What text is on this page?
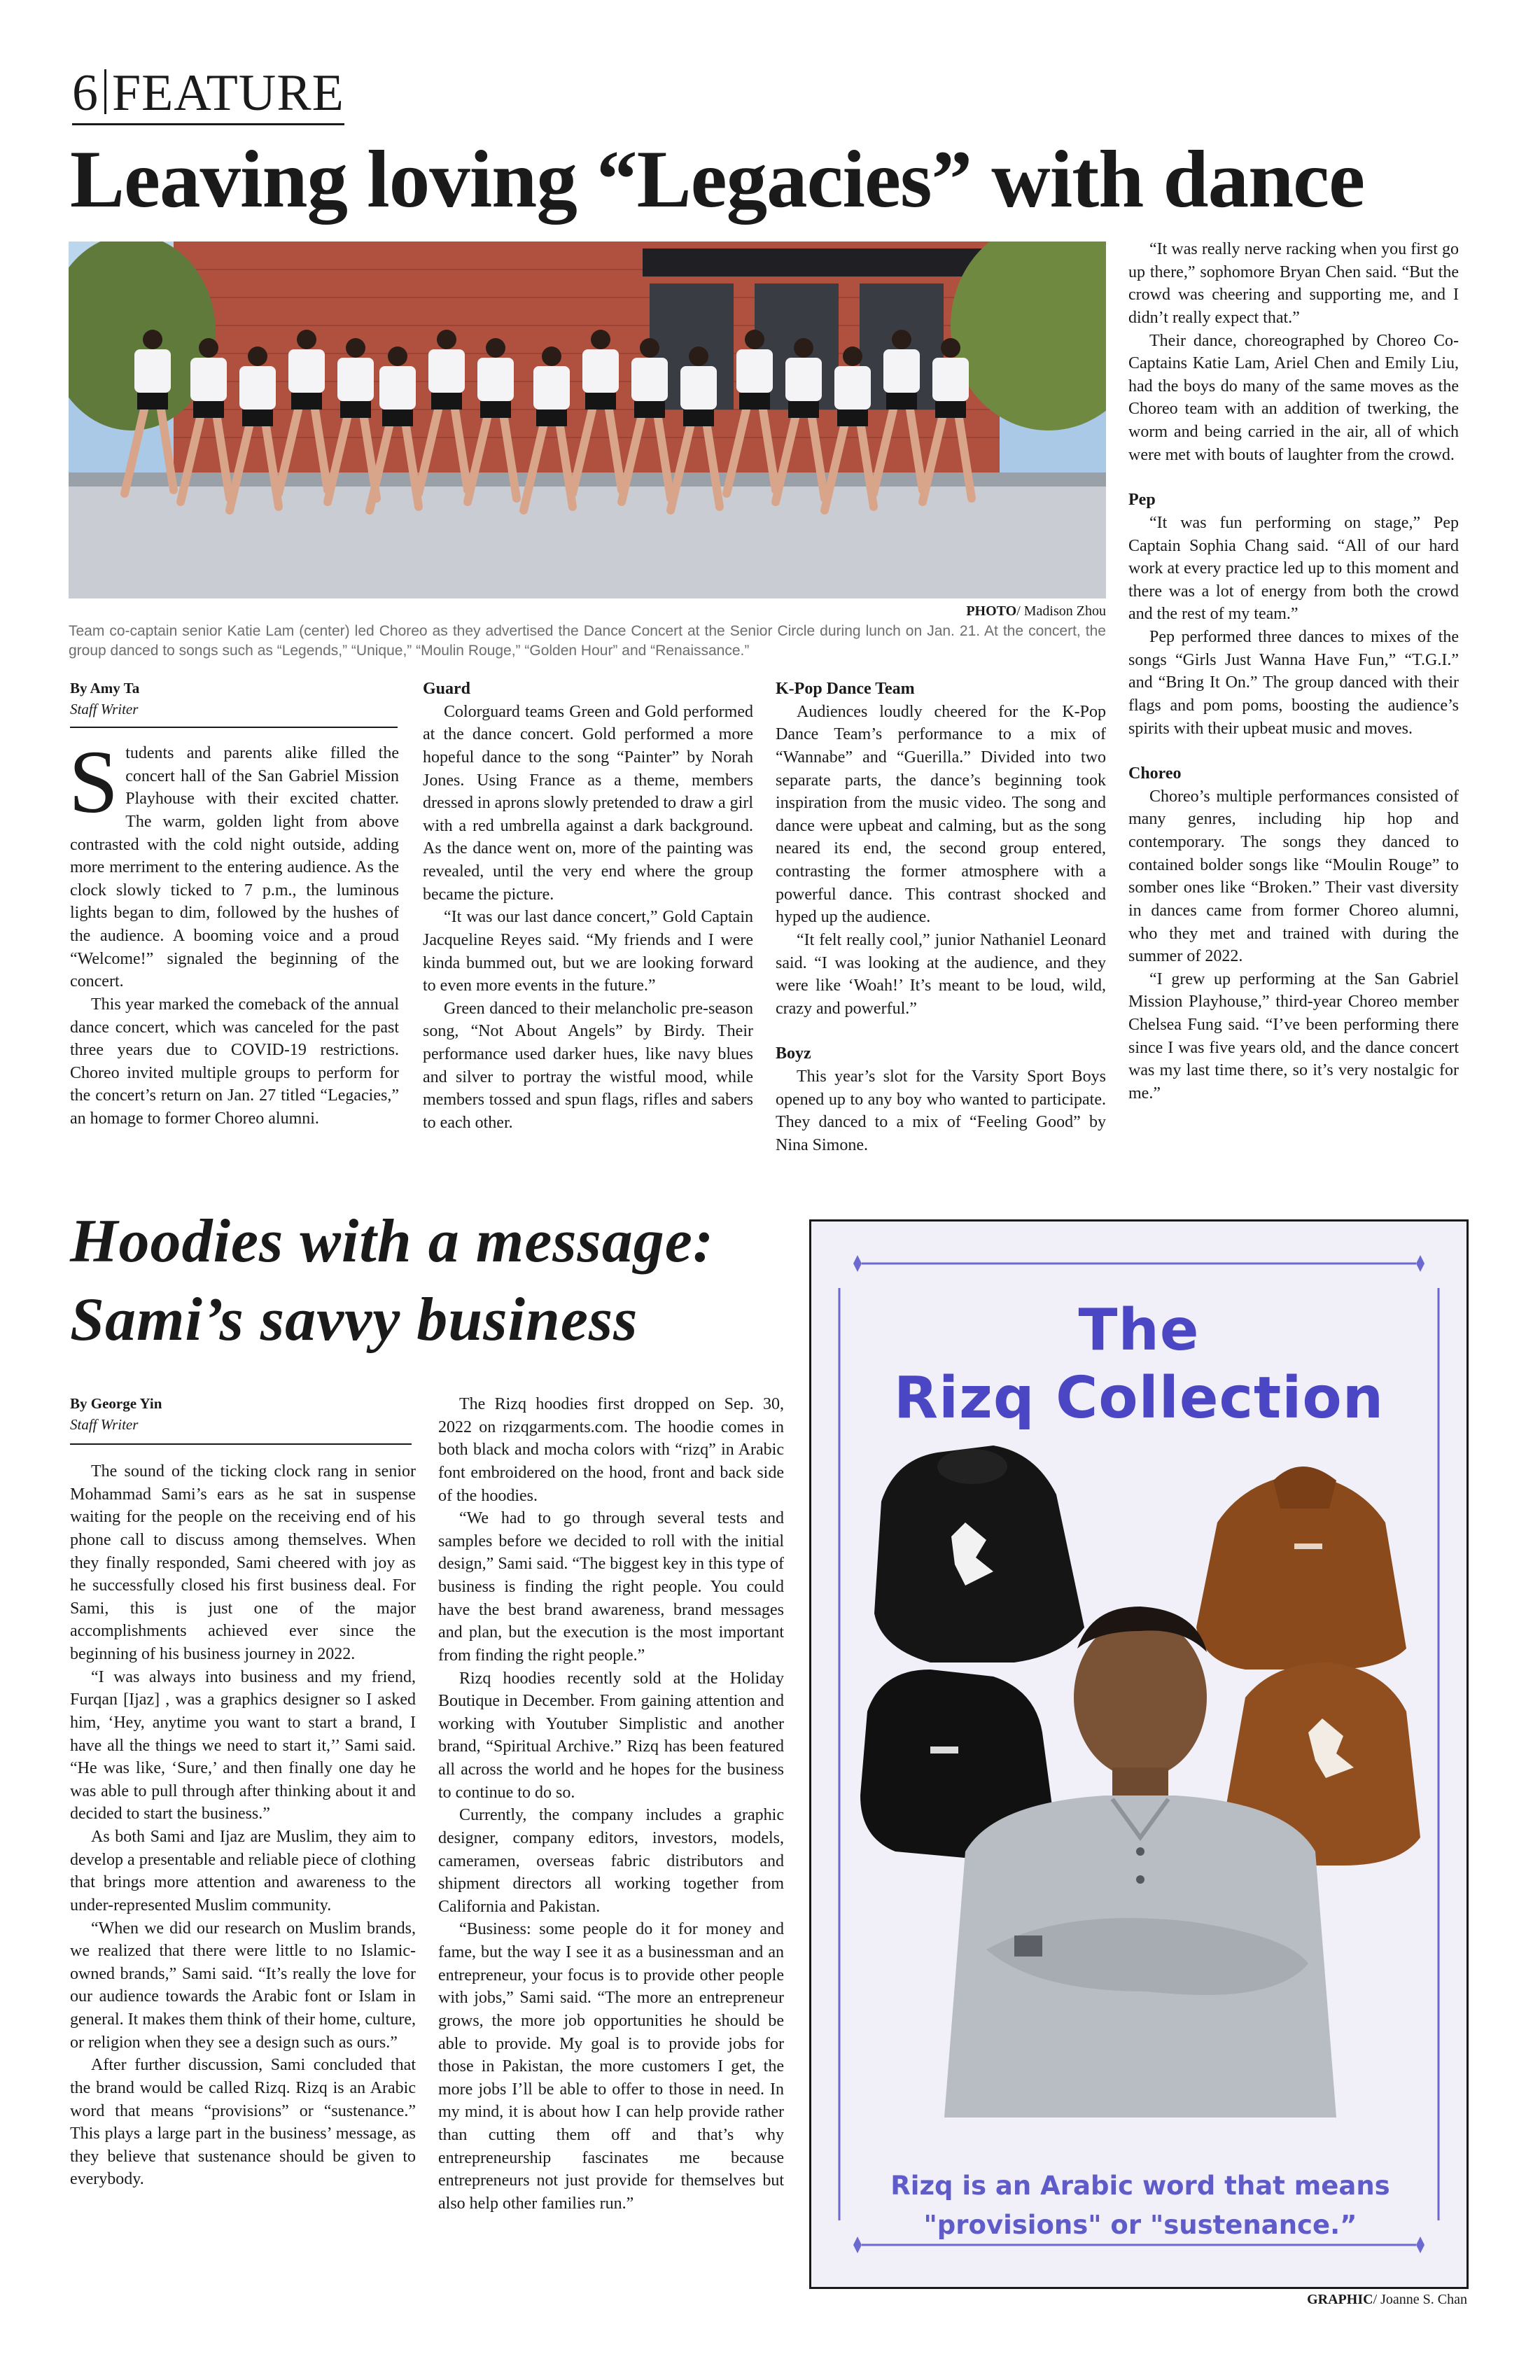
6 FEATURE
Leaving loving “Legacies” with dance
PHOTO/ Madison Zhou

Team co-captain senior Katie Lam (center) led Choreo as they advertised the Dance Concert at the Senior Circle during lunch on Jan. 21. At the concert, the group danced to songs such as “Legends,” “Unique,” “Moulin Rouge,” “Golden Hour” and “Renaissance.”

By Amy Ta
Staff Writer

Students and parents alike filled the concert hall of the San Gabriel Mission Playhouse with their excited chatter. The warm, golden light from above contrasted with the cold night outside, adding more merriment to the entering audience. As the clock slowly ticked to 7 p.m., the luminous lights began to dim, followed by the hushes of the audience. A booming voice and a proud “Welcome!” signaled the beginning of the concert.

This year marked the comeback of the annual dance concert, which was canceled for the past three years due to COVID-19 restrictions. Choreo invited multiple groups to perform for the concert’s return on Jan. 27 titled “Legacies,” an homage to former Choreo alumni.

Guard

Colorguard teams Green and Gold performed at the dance concert. Gold performed a more hopeful dance to the song “Painter” by Norah Jones. Using France as a theme, members dressed in aprons slowly pretended to draw a girl with a red umbrella against a dark background. As the dance went on, more of the painting was revealed, until the very end where the group became the picture.

“It was our last dance concert,” Gold Captain Jacqueline Reyes said. “My friends and I were kinda bummed out, but we are looking forward to even more events in the future.”

Green danced to their melancholic pre-season song, “Not About Angels” by Birdy. Their performance used darker hues, like navy blues and silver to portray the wistful mood, while members tossed and spun flags, rifles and sabers to each other.

K-Pop Dance Team

Audiences loudly cheered for the K-Pop Dance Team’s performance to a mix of “Wannabe” and “Guerilla.” Divided into two separate parts, the dance’s beginning took inspiration from the music video. The song and dance were upbeat and calming, but as the song neared its end, the second group entered, contrasting the former atmosphere with a powerful dance. This contrast shocked and hyped up the audience.

“It felt really cool,” junior Nathaniel Leonard said. “I was looking at the audience, and they were like ‘Woah!’ It’s meant to be loud, wild, crazy and powerful.”

Boyz

This year’s slot for the Varsity Sport Boys opened up to any boy who wanted to participate. They danced to a mix of “Feeling Good” by Nina Simone.

“It was really nerve racking when you first go up there,” sophomore Bryan Chen said. “But the crowd was cheering and supporting me, and I didn’t really expect that.”

Their dance, choreographed by Choreo Co-Captains Katie Lam, Ariel Chen and Emily Liu, had the boys do many of the same moves as the Choreo team with an addition of twerking, the worm and being carried in the air, all of which were met with bouts of laughter from the crowd.

Pep

“It was fun performing on stage,” Pep Captain Sophia Chang said. “All of our hard work at every practice led up to this moment and there was a lot of energy from both the crowd and the rest of my team.”

Pep performed three dances to mixes of the songs “Girls Just Wanna Have Fun,” “T.G.I.” and “Bring It On.” The group danced with their flags and pom poms, boosting the audience’s spirits with their upbeat music and moves.

Choreo

Choreo’s multiple performances consisted of many genres, including hip hop and contemporary. The songs they danced to contained bolder songs like “Moulin Rouge” to somber ones like “Broken.” Their vast diversity in dances came from former Choreo alumni, who they met and trained with during the summer of 2022.

“I grew up performing at the San Gabriel Mission Playhouse,” third-year Choreo member Chelsea Fung said. “I’ve been performing there since I was five years old, and the dance concert was my last time there, so it’s very nostalgic for me.”

Hoodies with a message:
Sami’s savvy business
By George Yin
Staff Writer

The sound of the ticking clock rang in senior Mohammad Sami’s ears as he sat in suspense waiting for the people on the receiving end of his phone call to discuss among themselves. When they finally responded, Sami cheered with joy as he successfully closed his first business deal. For Sami, this is just one of the major accomplishments achieved ever since the beginning of his business journey in 2022.

“I was always into business and my friend, Furqan [Ijaz] , was a graphics designer so I asked him, ‘Hey, anytime you want to start a brand, I have all the things we need to start it,’’ Sami said. “He was like, ‘Sure,’ and then finally one day he was able to pull through after thinking about it and decided to start the business.”

As both Sami and Ijaz are Muslim, they aim to develop a presentable and reliable piece of clothing that brings more attention and awareness to the under-represented Muslim community.

“When we did our research on Muslim brands, we realized that there were little to no Islamic-owned brands,” Sami said. “It’s really the love for our audience towards the Arabic font or Islam in general. It makes them think of their home, culture, or religion when they see a design such as ours.”

After further discussion, Sami concluded that the brand would be called Rizq. Rizq is an Arabic word that means “provisions” or “sustenance.” This plays a large part in the business’ message, as they believe that sustenance should be given to everybody.

The Rizq hoodies first dropped on Sep. 30, 2022 on rizqgarments.com. The hoodie comes in both black and mocha colors with “rizq” in Arabic font embroidered on the hood, front and back side of the hoodies.

“We had to go through several tests and samples before we decided to roll with the initial design,” Sami said. “The biggest key in this type of business is finding the right people. You could have the best brand awareness, brand messages and plan, but the execution is the most important from finding the right people.”

Rizq hoodies recently sold at the Holiday Boutique in December. From gaining attention and working with Youtuber Simplistic and another brand, “Spiritual Archive.” Rizq has been featured all across the world and he hopes for the business to continue to do so.

Currently, the company includes a graphic designer, company editors, investors, models, cameramen, overseas fabric distributors and shipment directors all working together from California and Pakistan.

“Business: some people do it for money and fame, but the way I see it as a businessman and an entrepreneur, your focus is to provide other people with jobs,” Sami said. “The more an entrepreneur grows, the more job opportunities he should be able to provide. My goal is to provide jobs for those in Pakistan, the more customers I get, the more jobs I’ll be able to offer to those in need. In my mind, it is about how I can help provide rather than cutting them off and that’s why entrepreneurship fascinates me because entrepreneurs not just provide for themselves but also help other families run.”

The
Rizq Collection
Rizq is an Arabic word that means
"provisions" or "sustenance.”
GRAPHIC/ Joanne S. Chan
